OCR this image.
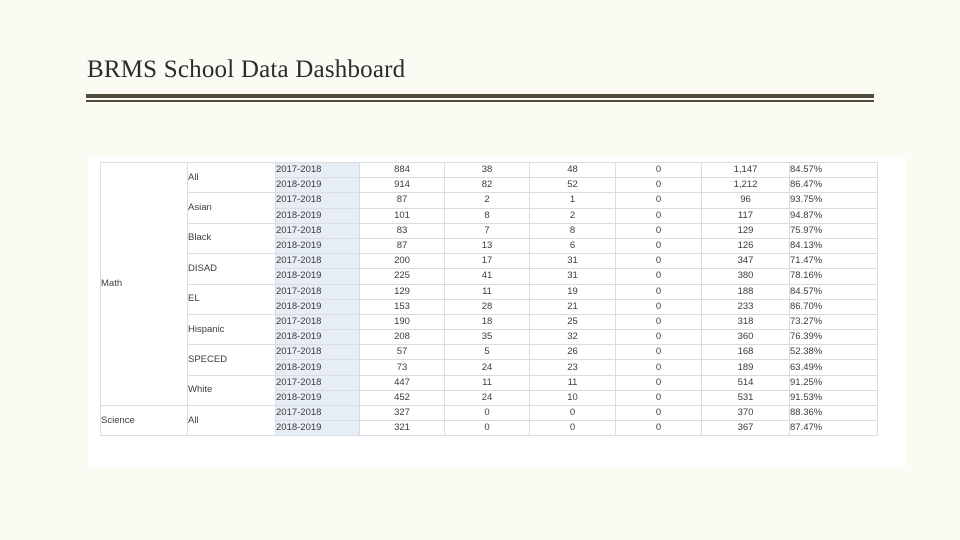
BRMS School Data Dashboard
Math	All	2017-2018	884	38	48	0	1,147	84.57%
		2018-2019	914	82	52	0	1,212	86.47%
	Asian	2017-2018	87	2	1	0	96	93.75%
		2018-2019	101	8	2	0	117	94.87%
	Black	2017-2018	83	7	8	0	129	75.97%
		2018-2019	87	13	6	0	126	84.13%
	DISAD	2017-2018	200	17	31	0	347	71.47%
		2018-2019	225	41	31	0	380	78.16%
	EL	2017-2018	129	11	19	0	188	84.57%
		2018-2019	153	28	21	0	233	86.70%
	Hispanic	2017-2018	190	18	25	0	318	73.27%
		2018-2019	208	35	32	0	360	76.39%
	SPECED	2017-2018	57	5	26	0	168	52.38%
		2018-2019	73	24	23	0	189	63.49%
	White	2017-2018	447	11	11	0	514	91.25%
		2018-2019	452	24	10	0	531	91.53%
Science	All	2017-2018	327	0	0	0	370	88.36%
		2018-2019	321	0	0	0	367	87.47%
